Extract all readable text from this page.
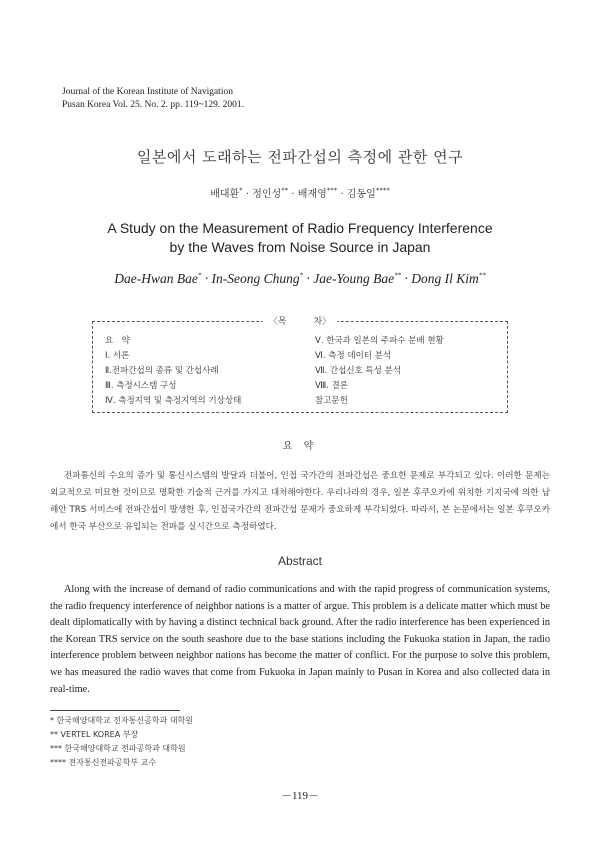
Journal of the Korean Institute of Navigation
Pusan Korea Vol. 25. No. 2. pp. 119~129. 2001.
일본에서 도래하는 전파간섭의 측정에 관한 연구
배대환* · 정인성** · 배재영*** · 김동일****
A Study on the Measurement of Radio Frequency Interference
by the Waves from Noise Source in Japan
Dae-Hwan Bae* · In-Seong Chung* · Jae-Young Bae** · Dong Il Kim**
〈목　　　차〉
요　약
Ⅰ. 서론
Ⅱ.전파간섭의 종류 및 간섭사례
Ⅲ. 측정시스템 구성
Ⅳ. 측정지역 및 측정지역의 기상상태
Ⅴ. 한국과 일본의 주파수 분배 현황
Ⅵ. 측정 데이터 분석
Ⅶ. 간섭신호 특성 분석
Ⅷ. 결론
참고문헌
요 약
전파통신의 수요의 증가 및 통신시스템의 발달과 더불어, 인접 국가간의 전파간섭은 중요한 문제로 부각되고 있다. 이러한 문제는 외교적으로 미묘한 것이므로 명확한 기술적 근거를 가지고 대처해야한다. 우리나라의 경우, 일본 후쿠오카에 위치한 기지국에 의한 남해안 TRS 서비스에 전파간섭이 발생한 후, 인접국가간의 전파간섭 문제가 중요하게 부각되었다. 따라서, 본 논문에서는 일본 후쿠오카에서 한국 부산으로 유입되는 전파를 실시간으로 측정하였다.
Abstract
Along with the increase of demand of radio communications and with the rapid progress of communication systems, the radio frequency interference of neighbor nations is a matter of argue. This problem is a delicate matter which must be dealt diplomatically with by having a distinct technical back ground. After the radio interference has been experienced in the Korean TRS service on the south seashore due to the base stations including the Fukuoka station in Japan, the radio interference problem between neighbor nations has become the matter of conflict. For the purpose to solve this problem, we has measured the radio waves that come from Fukuoka in Japan mainly to Pusan in Korea and also collected data in real-time.
* 한국해양대학교 전자통신공학과 대학원
** VERTEL KOREA 부장
*** 한국해양대학교 전파공학과 대학원
**** 전자통신전파공학부 교수
－119－
